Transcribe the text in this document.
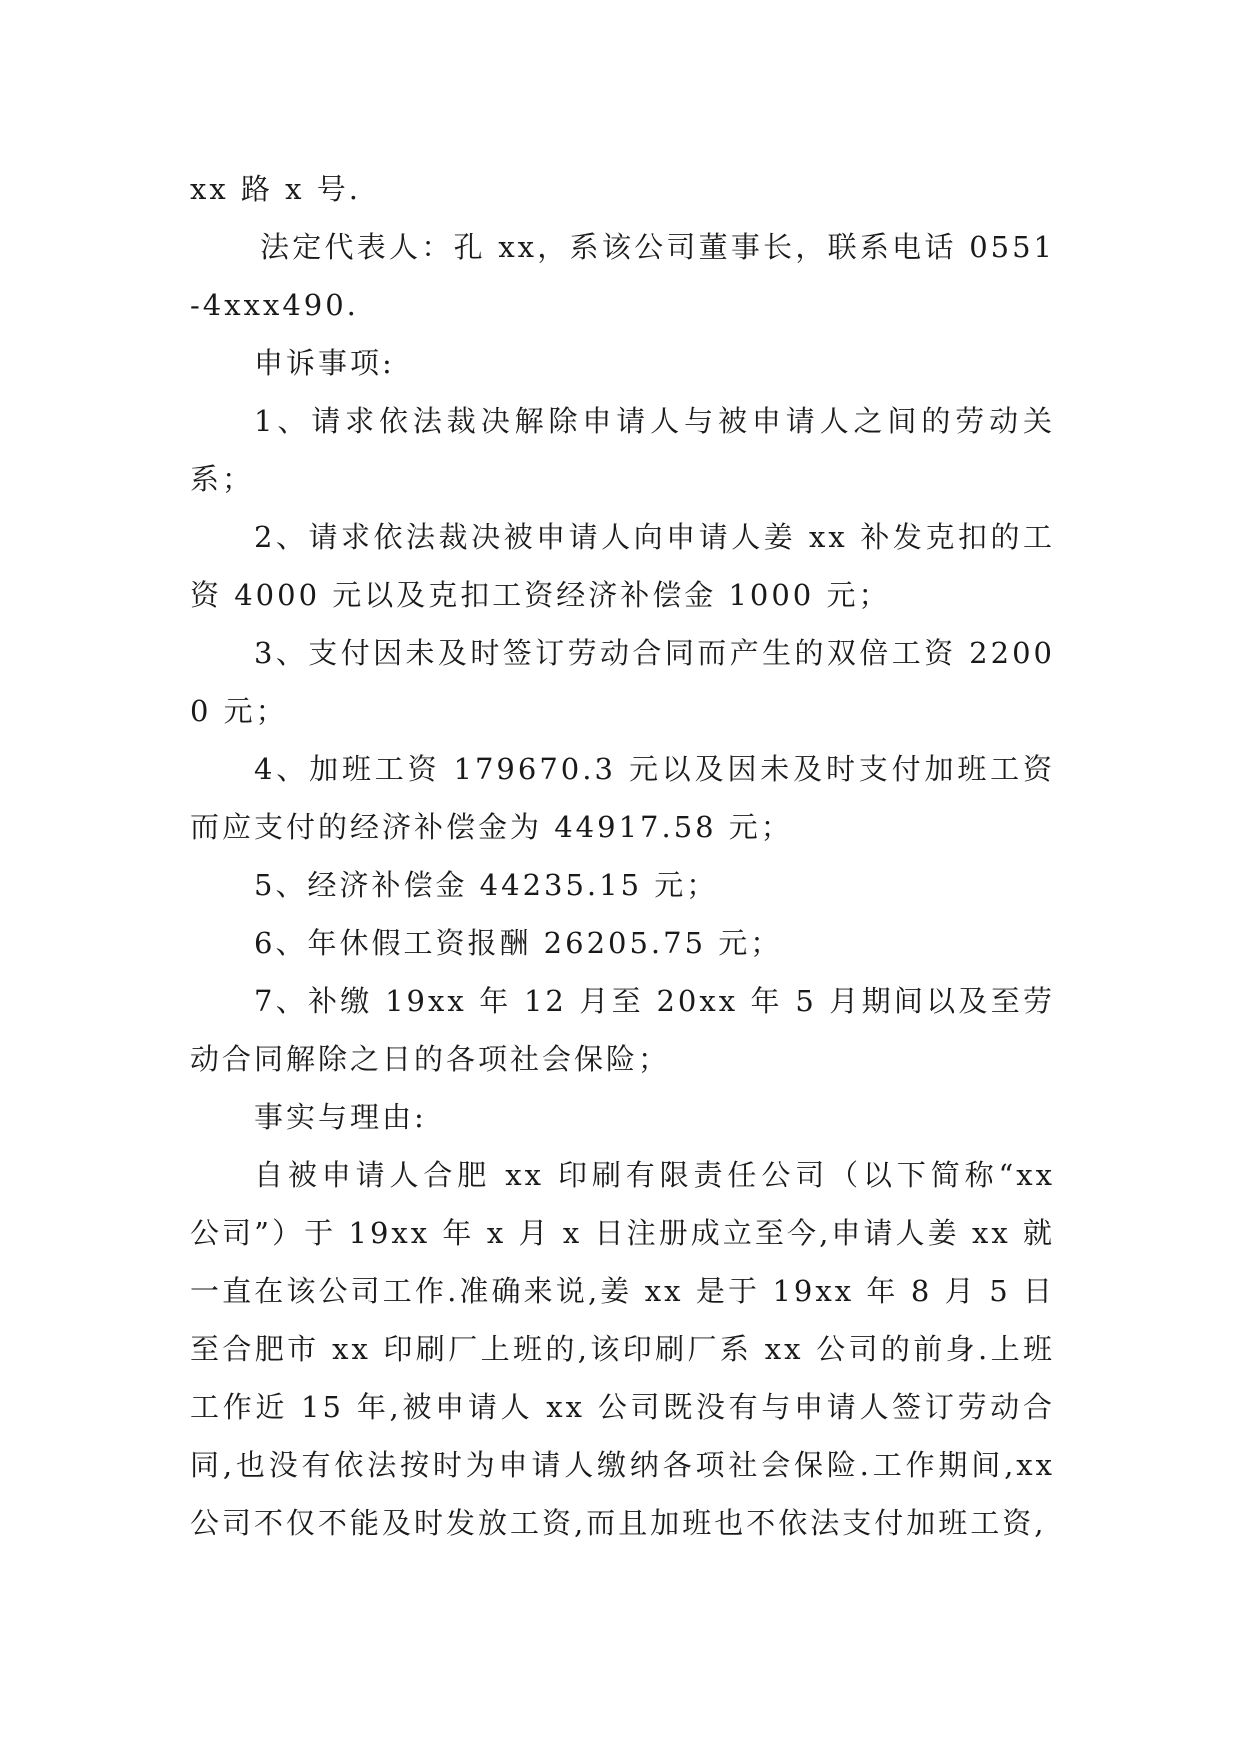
xx 路 x 号.

法定代表人：孔 xx，系该公司董事长，联系电话 0551-4xxx490.

申诉事项:

1、请求依法裁决解除申请人与被申请人之间的劳动关系；

2、请求依法裁决被申请人向申请人姜 xx 补发克扣的工资 4000 元以及克扣工资经济补偿金 1000 元；

3、支付因未及时签订劳动合同而产生的双倍工资 22000 元；

4、加班工资 179670.3 元以及因未及时支付加班工资而应支付的经济补偿金为 44917.58 元；

5、经济补偿金 44235.15 元；

6、年休假工资报酬 26205.75 元；

7、补缴 19xx 年 12 月至 20xx 年 5 月期间以及至劳动合同解除之日的各项社会保险；

事实与理由:

自被申请人合肥 xx 印刷有限责任公司（以下简称“xx 公司”）于 19xx 年 x 月 x 日注册成立至今,申请人姜 xx 就一直在该公司工作.准确来说,姜 xx 是于 19xx 年 8 月 5 日至合肥市 xx 印刷厂上班的,该印刷厂系 xx 公司的前身.上班工作近 15 年,被申请人 xx 公司既没有与申请人签订劳动合同,也没有依法按时为申请人缴纳各项社会保险.工作期间,xx 公司不仅不能及时发放工资,而且加班也不依法支付加班工资,
